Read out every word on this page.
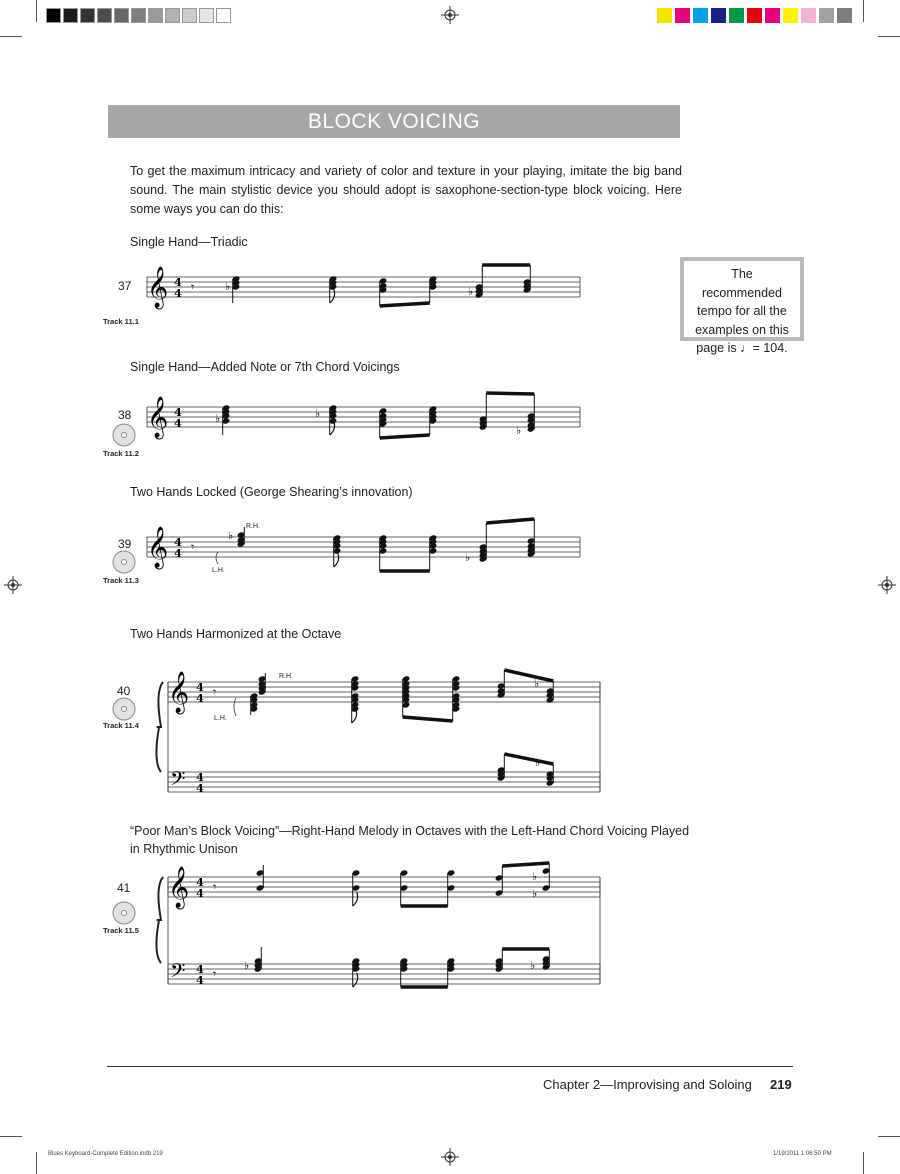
BLOCK VOICING
To get the maximum intricacy and variety of color and texture in your playing, imitate the big band sound. The main stylistic device you should adopt is saxophone-section-type block voicing. Here some ways you can do this:
The recommended tempo for all the examples on this page is ♩= 104.
Single Hand—Triadic
Single Hand—Added Note or 7th Chord Voicings
Two Hands Locked (George Shearing’s innovation)
Two Hands Harmonized at the Octave
“Poor Man’s Block Voicing”—Right-Hand Melody in Octaves with the Left-Hand Chord Voicing Played in Rhythmic Unison
37
Track 11.1
38
Track 11.2
39
Track 11.3
40
Track 11.4
41
Track 11.5
𝄞 4
4 𝄾	♭	♭
𝄞 4
4	♭	♭
♭
𝄞 4
4 𝄾
♭
♭
𝄞 4
4 𝄾
𝄢 4
4
♭
♭
𝄞 4
4 𝄾
𝄢 4
4 𝄾
♭
♭
♭	♭
R.H.
L.H.
R.H.
L.H.
Chapter 2—Improvising and Soloing 219
Blues Keyboard-Complete Edition.indb 219	1/19/2011 1:06:50 PM
